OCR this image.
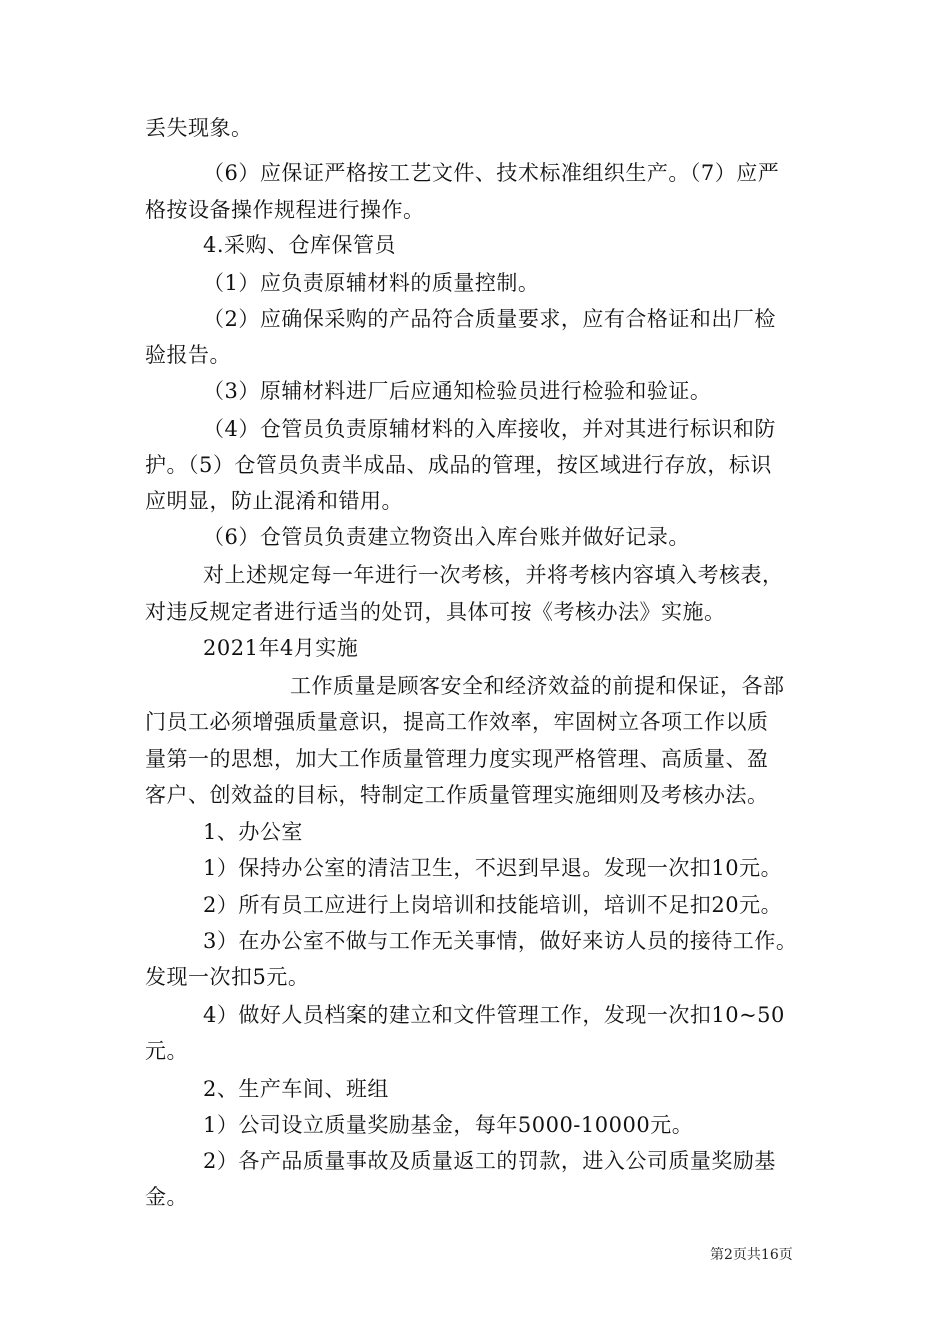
丢失现象。
（6）应保证严格按工艺文件、技术标准组织生产。（7）应严
格按设备操作规程进行操作。
4.采购、仓库保管员
（1）应负责原辅材料的质量控制。
（2）应确保采购的产品符合质量要求，应有合格证和出厂检
验报告。
（3）原辅材料进厂后应通知检验员进行检验和验证。
（4）仓管员负责原辅材料的入库接收，并对其进行标识和防
护。（5）仓管员负责半成品、成品的管理，按区域进行存放，标识
应明显，防止混淆和错用。
（6）仓管员负责建立物资出入库台账并做好记录。
对上述规定每一年进行一次考核，并将考核内容填入考核表，
对违反规定者进行适当的处罚，具体可按《考核办法》实施。
2021年4月实施
工作质量是顾客安全和经济效益的前提和保证，各部
门员工必须增强质量意识，提高工作效率，牢固树立各项工作以质
量第一的思想，加大工作质量管理力度实现严格管理、高质量、盈
客户、创效益的目标，特制定工作质量管理实施细则及考核办法。
1、办公室
1）保持办公室的清洁卫生，不迟到早退。发现一次扣10元。
2）所有员工应进行上岗培训和技能培训，培训不足扣20元。
3）在办公室不做与工作无关事情，做好来访人员的接待工作。
发现一次扣5元。
4）做好人员档案的建立和文件管理工作，发现一次扣10~50
元。
2、生产车间、班组
1）公司设立质量奖励基金，每年5000-10000元。
2）各产品质量事故及质量返工的罚款，进入公司质量奖励基
金。
第2页共16页
